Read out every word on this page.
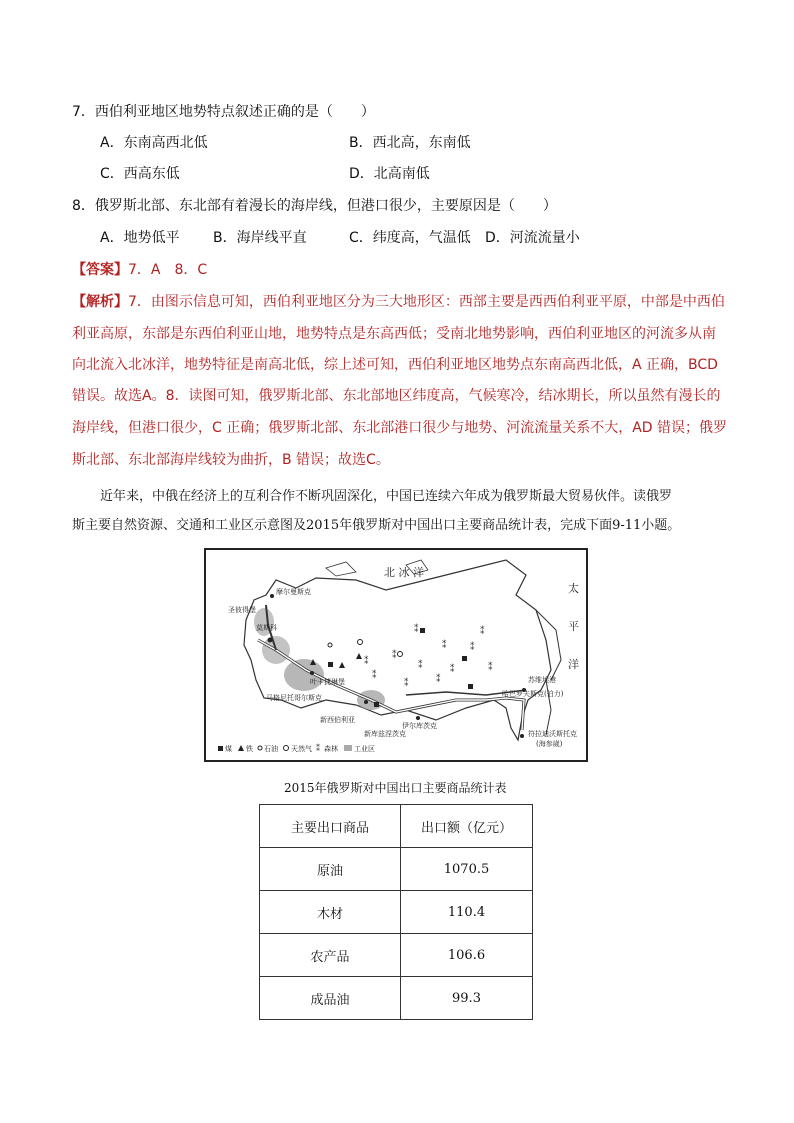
7．西伯利亚地区地势特点叙述正确的是（　　）
A．东南高西北低	B．西北高，东南低
C．西高东低	D．北高南低
8．俄罗斯北部、东北部有着漫长的海岸线，但港口很少，主要原因是（　　）
A．地势低平 B．海岸线平直	C．纬度高，气温低 D．河流流量小
【答案】7．A　8．C
【解析】7．由图示信息可知，西伯利亚地区分为三大地形区：西部主要是西西伯利亚平原，中部是中西伯
利亚高原，东部是东西伯利亚山地，地势特点是东高西低；受南北地势影响，西伯利亚地区的河流多从南
向北流入北冰洋，地势特征是南高北低，综上述可知，西伯利亚地区地势点东南高西北低，A 正确，BCD
错误。故选A。8．读图可知，俄罗斯北部、东北部地区纬度高，气候寒冷，结冰期长，所以虽然有漫长的
海岸线，但港口很少，C 正确；俄罗斯北部、东北部港口很少与地势、河流流量关系不大，AD 错误；俄罗
斯北部、东北部海岸线较为曲折，B 错误；故选C。
近年来，中俄在经济上的互利合作不断巩固深化，中国已连续六年成为俄罗斯最大贸易伙伴。读俄罗
斯主要自然资源、交通和工业区示意图及2015年俄罗斯对中国出口主要商品统计表，完成下面9-11小题。
北 冰 洋
太
平
洋
摩尔曼斯克
圣彼得堡
莫斯科
叶卡捷琳堡
马格尼托哥尔斯克
新西伯利亚
新库兹涅茨克
伊尔库茨克
苏维埃港
哈巴罗夫斯克(伯力)
符拉迪沃斯托克
(海参崴)
⁑
⁑
⁑	⁑
⁑
⁑
⁑
⁑
⁑
⁑
⁑
⁑
煤 铁 石油 天然气 ⁑ 森林 工业区
2015年俄罗斯对中国出口主要商品统计表
主要出口商品	出口额（亿元）
原油	1070.5
木材	110.4
农产品	106.6
成品油	99.3
